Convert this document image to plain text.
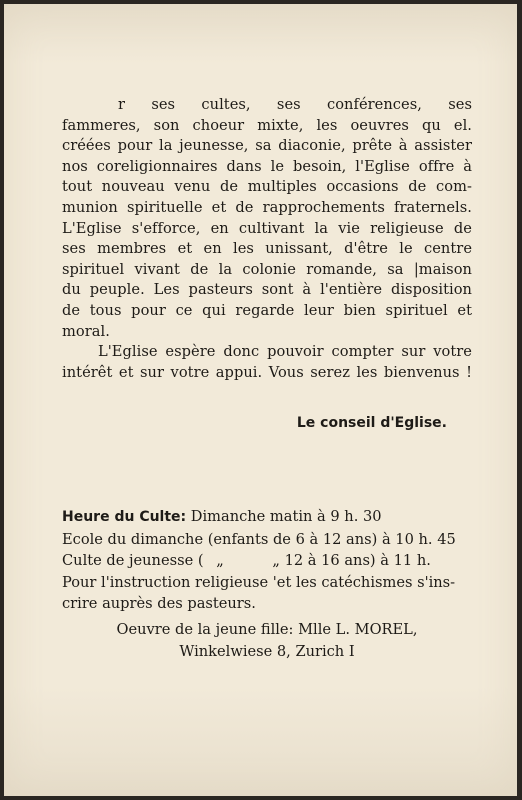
r ses cultes, ses conférences, ses
fammeres, son choeur mixte, les oeuvres qu el.
créées pour la jeunesse, sa diaconie, prête à assister
nos coreligionnaires dans le besoin, l'Eglise offre à
tout nouveau venu de multiples occasions de com-
munion spirituelle et de rapprochements fraternels.
L'Eglise s'efforce, en cultivant la vie religieuse de
ses membres et en les unissant, d'être le centre
spirituel vivant de la colonie romande, sa |maison
du peuple. Les pasteurs sont à l'entière disposition
de tous pour ce qui regarde leur bien spirituel et
moral.
L'Eglise espère donc pouvoir compter sur votre
intérêt et sur votre appui. Vous serez les bienvenus !
Le conseil d'Eglise.
Heure du Culte: Dimanche matin à 9 h. 30
Ecole du dimanche (enfants de 6 à 12 ans) à 10 h. 45
Culte de jeunesse ( „	„ 12 à 16 ans) à 11 h.
Pour l'instruction religieuse 'et les catéchismes s'ins-
crire auprès des pasteurs.
Oeuvre de la jeune fille: Mlle L. MOREL,
Winkelwiese 8, Zurich I
